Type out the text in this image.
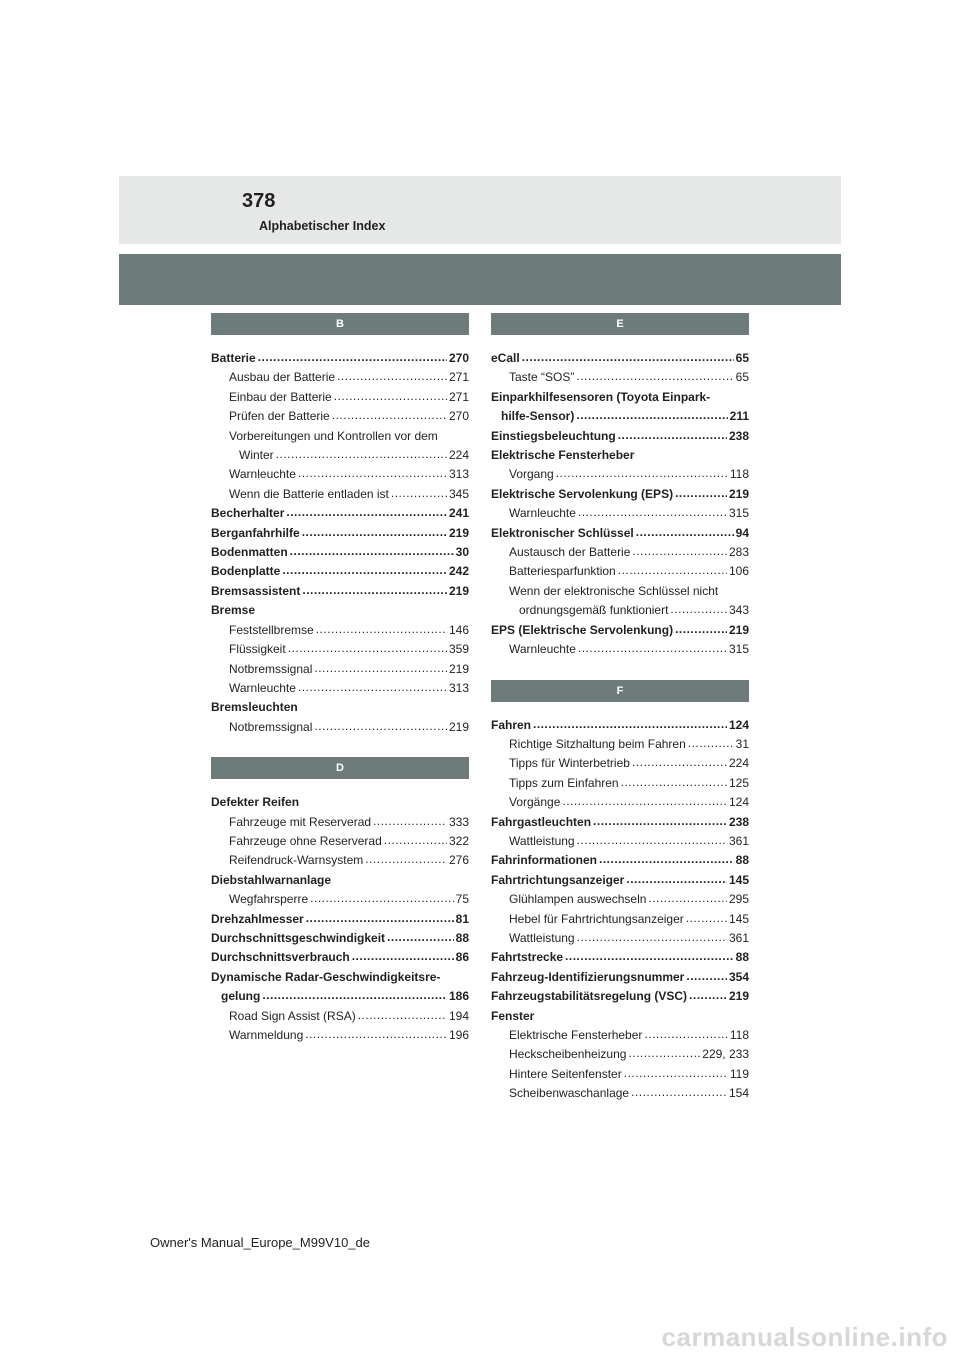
378
Alphabetischer Index
B
Batterie .....	270
Ausbau der Batterie .....	271
Einbau der Batterie .....	271
Prüfen der Batterie .....	270
Vorbereitungen und Kontrollen vor dem
Winter .....	224
Warnleuchte .....	313
Wenn die Batterie entladen ist .....	345
Becherhalter .....	241
Berganfahrhilfe .....	219
Bodenmatten .....	30
Bodenplatte .....	242
Bremsassistent .....	219
Bremse
Feststellbremse .....	146
Flüssigkeit .....	359
Notbremssignal .....	219
Warnleuchte .....	313
Bremsleuchten
Notbremssignal .....	219
D
Defekter Reifen
Fahrzeuge mit Reserverad .....	333
Fahrzeuge ohne Reserverad .....	322
Reifendruck-Warnsystem .....	276
Diebstahlwarnanlage
Wegfahrsperre .....	75
Drehzahlmesser .....	81
Durchschnittsgeschwindigkeit .....	88
Durchschnittsverbrauch .....	86
Dynamische Radar-Geschwindigkeitsre-
gelung .....	186
Road Sign Assist (RSA) .....	194
Warnmeldung .....	196
E
eCall .....	65
Taste “SOS” .....	65
Einparkhilfesensoren (Toyota Einpark-
hilfe-Sensor) .....	211
Einstiegsbeleuchtung .....	238
Elektrische Fensterheber
Vorgang .....	118
Elektrische Servolenkung (EPS) .....	219
Warnleuchte .....	315
Elektronischer Schlüssel .....	94
Austausch der Batterie .....	283
Batteriesparfunktion .....	106
Wenn der elektronische Schlüssel nicht
ordnungsgemäß funktioniert .....	343
EPS (Elektrische Servolenkung) .....	219
Warnleuchte .....	315
F
Fahren .....	124
Richtige Sitzhaltung beim Fahren .....	31
Tipps für Winterbetrieb .....	224
Tipps zum Einfahren .....	125
Vorgänge .....	124
Fahrgastleuchten .....	238
Wattleistung .....	361
Fahrinformationen .....	88
Fahrtrichtungsanzeiger .....	145
Glühlampen auswechseln .....	295
Hebel für Fahrtrichtungsanzeiger .....	145
Wattleistung .....	361
Fahrtstrecke .....	88
Fahrzeug-Identifizierungsnummer .....	354
Fahrzeugstabilitätsregelung (VSC) .....	219
Fenster
Elektrische Fensterheber .....	118
Heckscheibenheizung .....	229, 233
Hintere Seitenfenster .....	119
Scheibenwaschanlage .....	154
Owner's Manual_Europe_M99V10_de
carmanualsonline.info
